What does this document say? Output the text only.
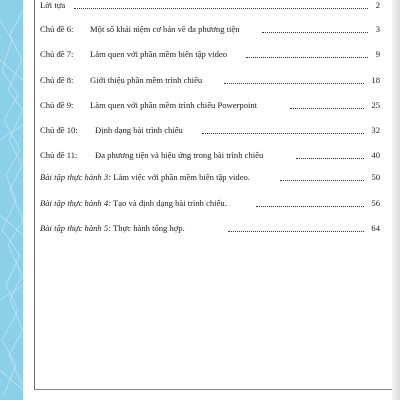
Lời tựa	2
Chủ đề 6: Một số khái niệm cơ bản về đa phương tiện	3
Chủ đề 7: Làm quen với phần mềm biên tập video	9
Chủ đề 8: Giới thiệu phần mềm trình chiếu	18
Chủ đề 9: Làm quen với phần mềm trình chiếu Powerpoint	25
Chủ đề 10: Định dạng bài trình chiếu	32
Chủ đề 11: Đa phương tiện và hiệu ứng trong bài trình chiếu	40
Bài tập thực hành 3: Làm việc với phần mềm biên tập video.	50
Bài tập thực hành 4: Tạo và định dạng bài trình chiếu.	56
Bài tập thực hành 5: Thực hành tổng hợp.	64
